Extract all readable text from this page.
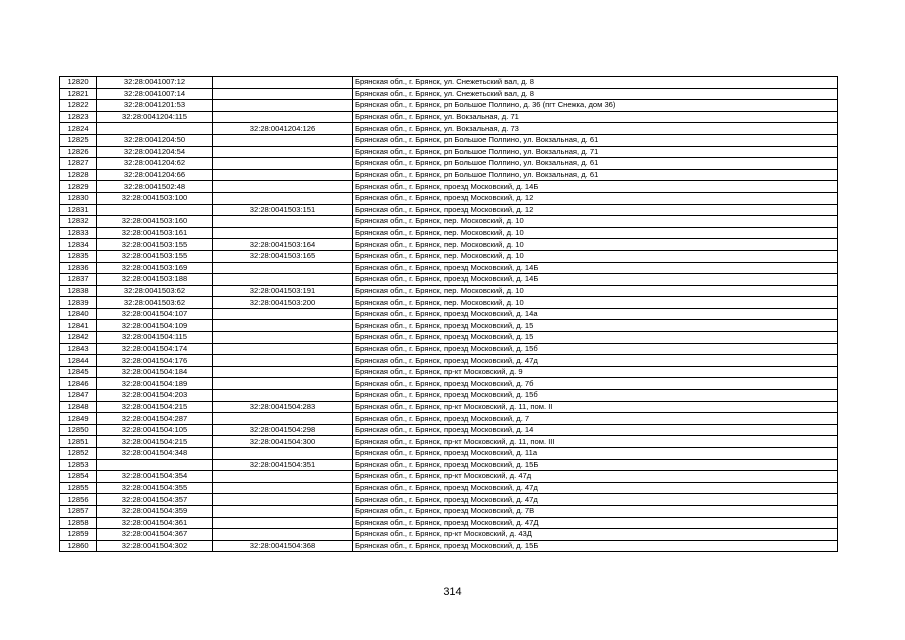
12820	32:28:0041007:12		Брянская обл., г. Брянск, ул. Снежетьский вал, д. 8
12821	32:28:0041007:14		Брянская обл., г. Брянск, ул. Снежетьский вал, д. 8
12822	32:28:0041201:53		Брянская обл., г. Брянск, рп Большое Полпино, д. 36 (пгт Снежка, дом 36)
12823	32:28:0041204:115		Брянская обл., г. Брянск, ул. Вокзальная, д. 71
12824		32:28:0041204:126	Брянская обл., г. Брянск, ул. Вокзальная, д. 73
12825	32:28:0041204:50		Брянская обл., г. Брянск, рп Большое Полпино, ул. Вокзальная, д. 61
12826	32:28:0041204:54		Брянская обл., г. Брянск, рп Большое Полпино, ул. Вокзальная, д. 71
12827	32:28:0041204:62		Брянская обл., г. Брянск, рп Большое Полпино, ул. Вокзальная, д. 61
12828	32:28:0041204:66		Брянская обл., г. Брянск, рп Большое Полпино, ул. Вокзальная, д. 61
12829	32:28:0041502:48		Брянская обл., г. Брянск, проезд Московский, д. 14Б
12830	32:28:0041503:100		Брянская обл., г. Брянск, проезд Московский, д. 12
12831		32:28:0041503:151	Брянская обл., г. Брянск, проезд Московский, д. 12
12832	32:28:0041503:160		Брянская обл., г. Брянск, пер. Московский, д. 10
12833	32:28:0041503:161		Брянская обл., г. Брянск, пер. Московский, д. 10
12834	32:28:0041503:155	32:28:0041503:164	Брянская обл., г. Брянск, пер. Московский, д. 10
12835	32:28:0041503:155	32:28:0041503:165	Брянская обл., г. Брянск, пер. Московский, д. 10
12836	32:28:0041503:169		Брянская обл., г. Брянск, проезд Московский, д. 14Б
12837	32:28:0041503:188		Брянская обл., г. Брянск, проезд Московский, д. 14Б
12838	32:28:0041503:62	32:28:0041503:191	Брянская обл., г. Брянск, пер. Московский, д. 10
12839	32:28:0041503:62	32:28:0041503:200	Брянская обл., г. Брянск, пер. Московский, д. 10
12840	32:28:0041504:107		Брянская обл., г. Брянск, проезд Московский, д. 14а
12841	32:28:0041504:109		Брянская обл., г. Брянск, проезд Московский, д. 15
12842	32:28:0041504:115		Брянская обл., г. Брянск, проезд Московский, д. 15
12843	32:28:0041504:174		Брянская обл., г. Брянск, проезд Московский, д. 15б
12844	32:28:0041504:176		Брянская обл., г. Брянск, проезд Московский, д. 47д
12845	32:28:0041504:184		Брянская обл., г. Брянск, пр-кт Московский, д. 9
12846	32:28:0041504:189		Брянская обл., г. Брянск, проезд Московский, д. 7б
12847	32:28:0041504:203		Брянская обл., г. Брянск, проезд Московский, д. 15б
12848	32:28:0041504:215	32:28:0041504:283	Брянская обл., г. Брянск, пр-кт Московский, д. 11, пом. II
12849	32:28:0041504:287		Брянская обл., г. Брянск, проезд Московский, д. 7
12850	32:28:0041504:105	32:28:0041504:298	Брянская обл., г. Брянск, проезд Московский, д. 14
12851	32:28:0041504:215	32:28:0041504:300	Брянская обл., г. Брянск, пр-кт Московский, д. 11, пом. III
12852	32:28:0041504:348		Брянская обл., г. Брянск, проезд Московский, д. 11а
12853		32:28:0041504:351	Брянская обл., г. Брянск, проезд Московский, д. 15Б
12854	32:28:0041504:354		Брянская обл., г. Брянск, пр-кт Московский, д. 47д
12855	32:28:0041504:355		Брянская обл., г. Брянск, проезд Московский, д. 47д
12856	32:28:0041504:357		Брянская обл., г. Брянск, проезд Московский, д. 47д
12857	32:28:0041504:359		Брянская обл., г. Брянск, проезд Московский, д. 7В
12858	32:28:0041504:361		Брянская обл., г. Брянск, проезд Московский, д. 47Д
12859	32:28:0041504:367		Брянская обл., г. Брянск, пр-кт Московский, д. 43Д
12860	32:28:0041504:302	32:28:0041504:368	Брянская обл., г. Брянск, проезд Московский, д. 15Б
314
